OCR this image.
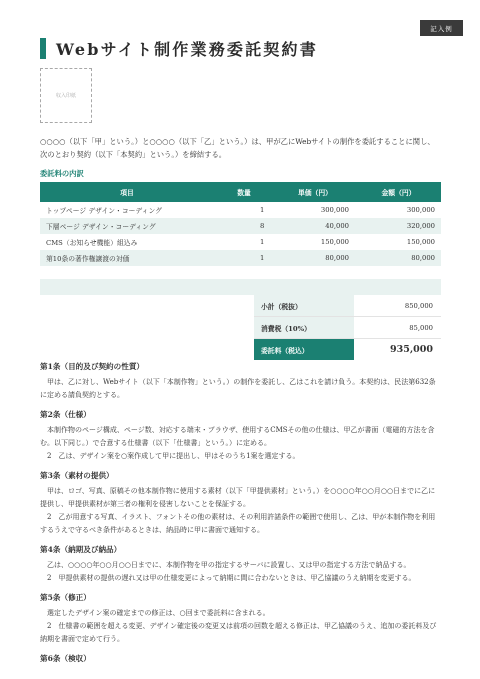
記入例
Webサイト制作業務委託契約書
収入印紙

○○○○（以下「甲」という。）と○○○○（以下「乙」という。）は、甲が乙にWebサイトの制作を委託することに関し、次のとおり契約（以下「本契約」という。）を締結する。

委託料の内訳
項目	数量	単価（円）	金額（円）
トップページ デザイン・コーディング	1	300,000	300,000
下層ページ デザイン・コーディング	8	40,000	320,000
CMS（お知らせ機能）組込み	1	150,000	150,000
第10条の著作権譲渡の対価	1	80,000	80,000
小計（税抜）	850,000
消費税（10%）	85,000
委託料（税込）	935,000
第1条（目的及び契約の性質）

甲は、乙に対し、Webサイト（以下「本制作物」という。）の制作を委託し、乙はこれを請け負う。本契約は、民法第632条に定める請負契約とする。

第2条（仕様）

本制作物のページ構成、ページ数、対応する端末・ブラウザ、使用するCMSその他の仕様は、甲乙が書面（電磁的方法を含む。以下同じ。）で合意する仕様書（以下「仕様書」という。）に定める。

2　乙は、デザイン案を○案作成して甲に提出し、甲はそのうち1案を選定する。

第3条（素材の提供）

甲は、ロゴ、写真、原稿その他本制作物に使用する素材（以下「甲提供素材」という。）を○○○○年○○月○○日までに乙に提供し、甲提供素材が第三者の権利を侵害しないことを保証する。

2　乙が用意する写真、イラスト、フォントその他の素材は、その利用許諾条件の範囲で使用し、乙は、甲が本制作物を利用するうえで守るべき条件があるときは、納品時に甲に書面で通知する。

第4条（納期及び納品）

乙は、○○○○年○○月○○日までに、本制作物を甲の指定するサーバに設置し、又は甲の指定する方法で納品する。

2　甲提供素材の提供の遅れ又は甲の仕様変更によって納期に間に合わないときは、甲乙協議のうえ納期を変更する。

第5条（修正）

選定したデザイン案の確定までの修正は、○回まで委託料に含まれる。

2　仕様書の範囲を超える変更、デザイン確定後の変更又は前項の回数を超える修正は、甲乙協議のうえ、追加の委託料及び納期を書面で定めて行う。

第6条（検収）
